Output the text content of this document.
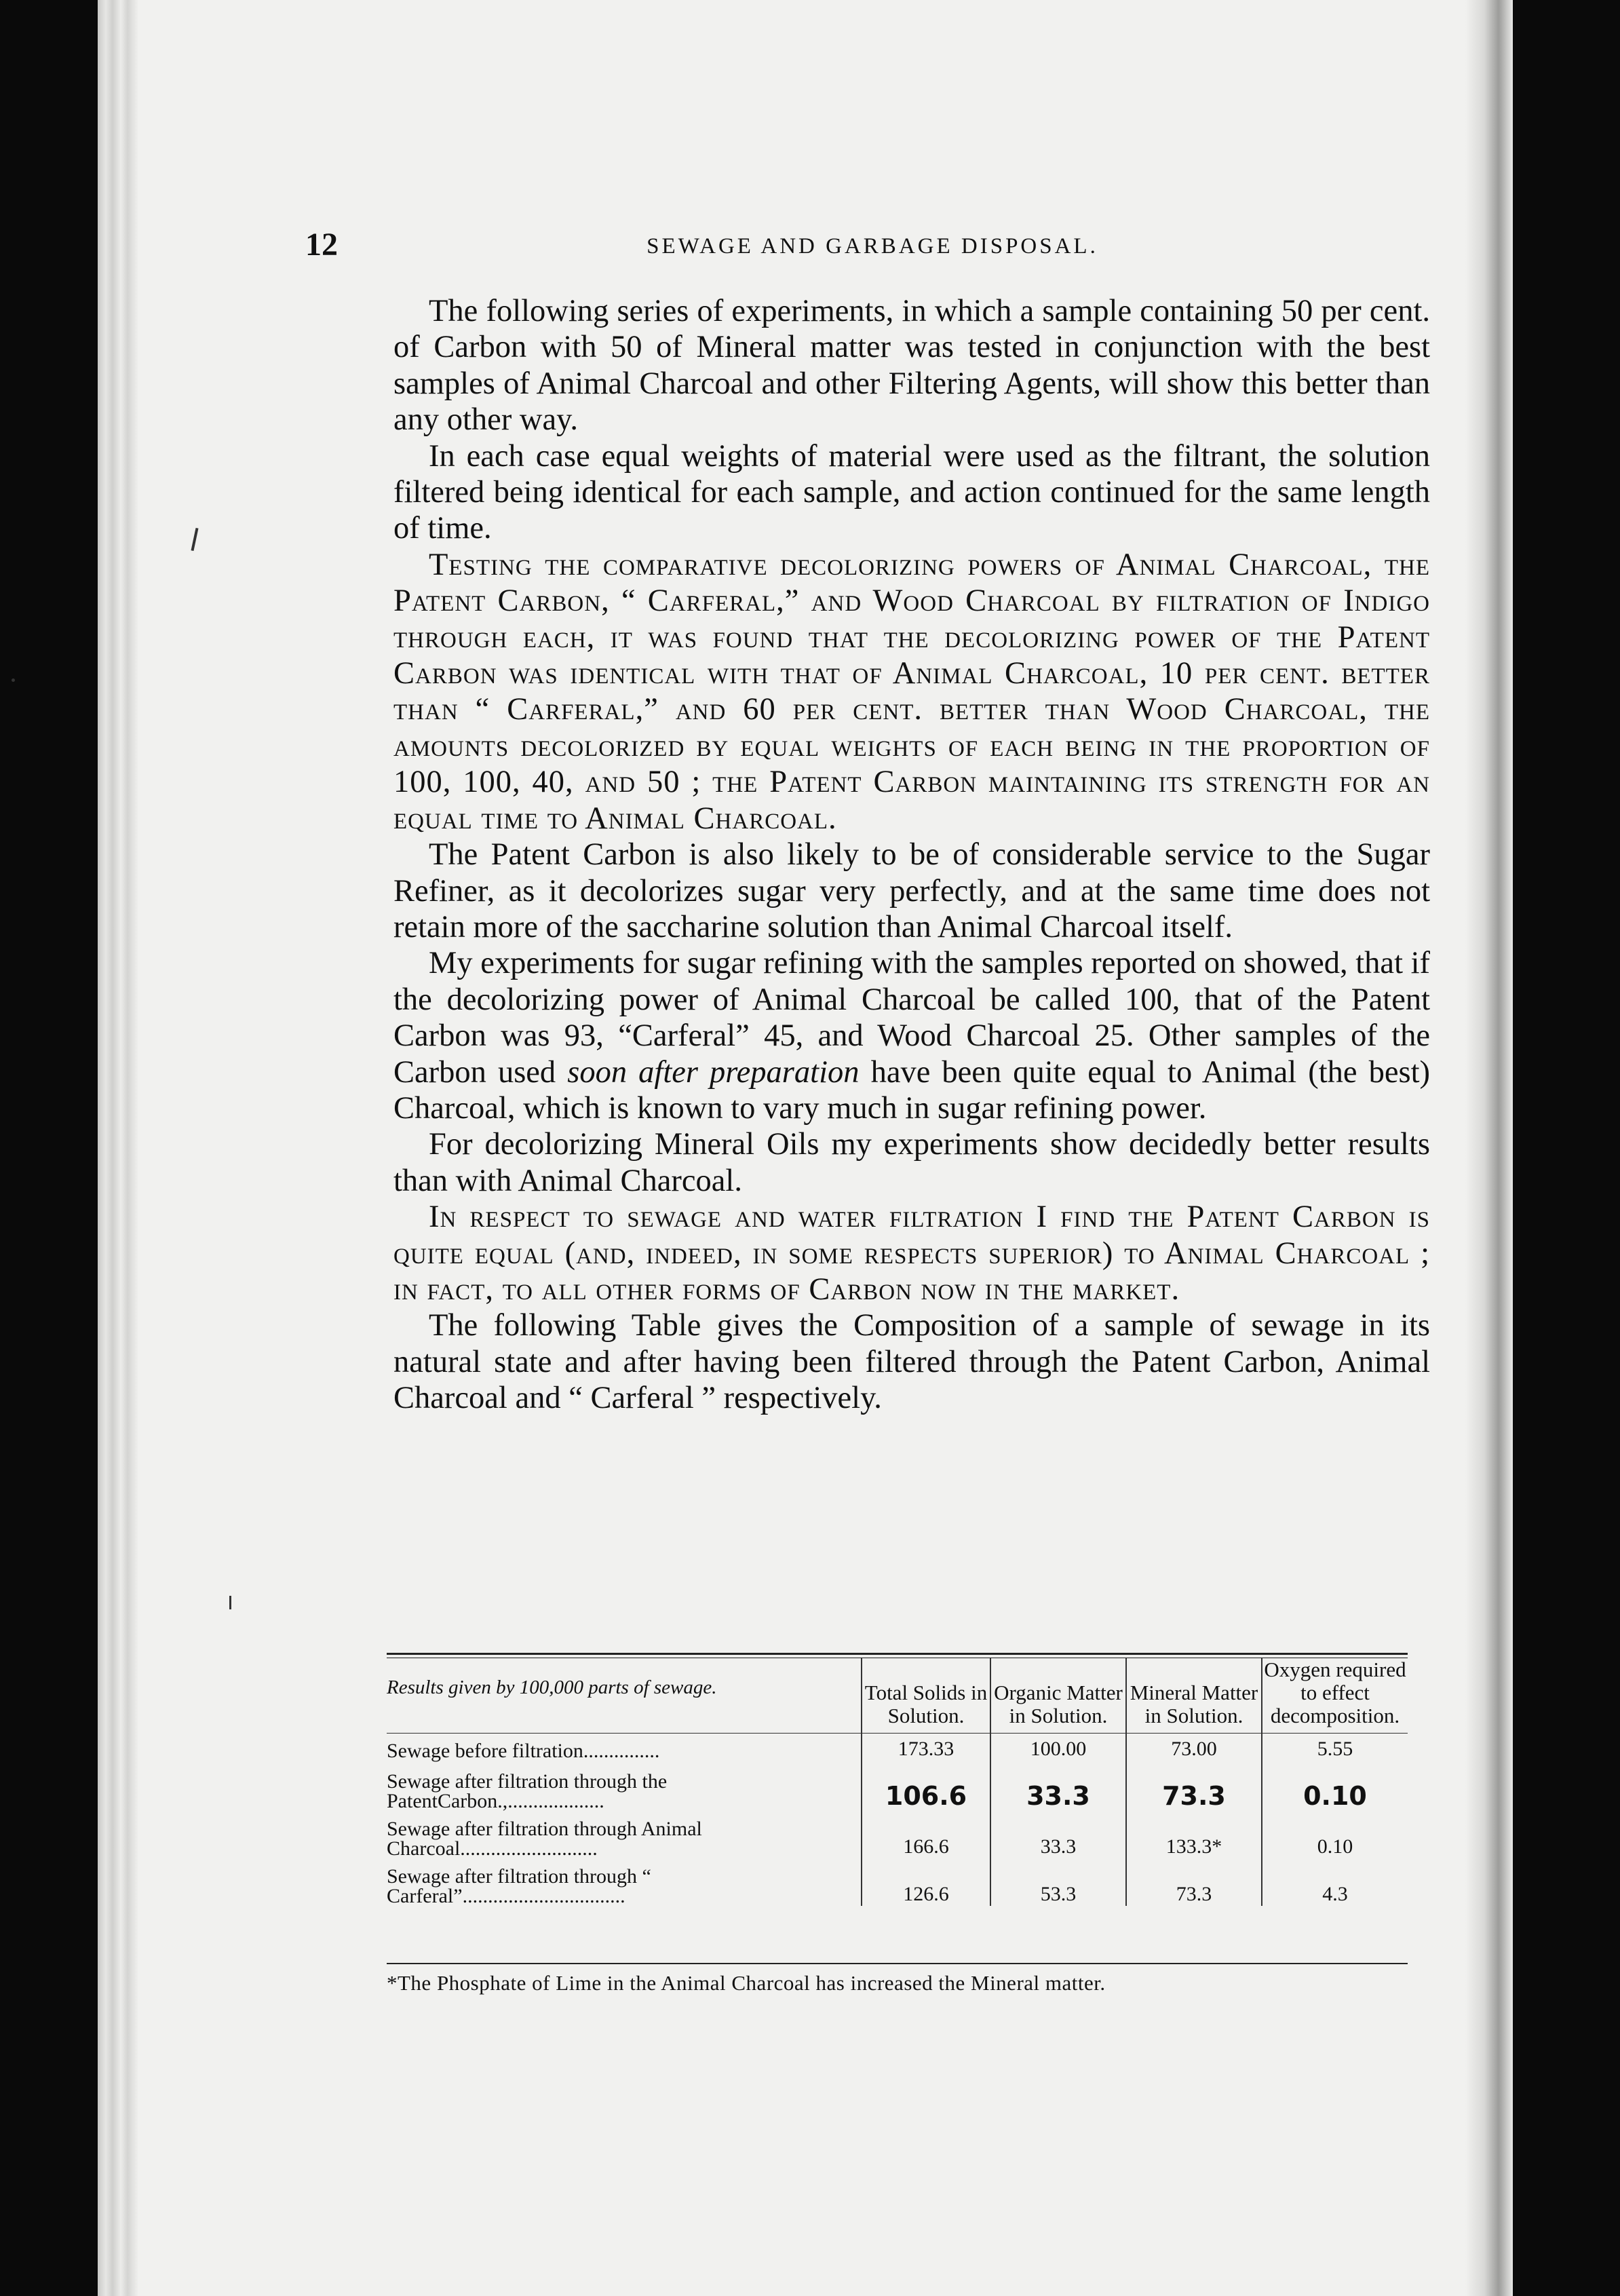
12	SEWAGE AND GARBAGE DISPOSAL.

The following series of experiments, in which a sample containing 50 per cent. of Carbon with 50 of Mineral matter was tested in conjunction with the best samples of Animal Charcoal and other Filtering Agents, will show this better than any other way.

In each case equal weights of material were used as the filtrant, the solution filtered being identical for each sample, and action continued for the same length of time.

Testing the comparative decolorizing powers of Animal Charcoal, the Patent Carbon, “ Carferal,” and Wood Charcoal by filtration of Indigo through each, it was found that the decolorizing power of the Patent Carbon was identical with that of Animal Charcoal, 10 per cent. better than “ Carferal,” and 60 per cent. better than Wood Charcoal, the amounts decolorized by equal weights of each being in the proportion of 100, 100, 40, and 50 ; the Patent Carbon maintaining its strength for an equal time to Animal Charcoal.

The Patent Carbon is also likely to be of considerable service to the Sugar Refiner, as it decolorizes sugar very perfectly, and at the same time does not retain more of the saccharine solution than Animal Charcoal itself.

My experiments for sugar refining with the samples reported on showed, that if the decolorizing power of Animal Charcoal be called 100, that of the Patent Carbon was 93, “Carferal” 45, and Wood Charcoal 25. Other samples of the Carbon used soon after preparation have been quite equal to Animal (the best) Charcoal, which is known to vary much in sugar refining power.

For decolorizing Mineral Oils my experiments show decidedly better results than with Animal Charcoal.

In respect to sewage and water filtration I find the Patent Carbon is quite equal (and, indeed, in some respects superior) to Animal Charcoal ; in fact, to all other forms of Carbon now in the market.

The following Table gives the Composition of a sample of sewage in its natural state and after having been filtered through the Patent Carbon, Animal Charcoal and “ Carferal ” respectively.

Results given by 100,000 parts of sewage.	Total Solids in Solution.	Organic Matter in Solution.	Mineral Matter in Solution.	Oxygen required to effect decomposition.
Sewage before filtration...............	173.33	100.00	73.00	5.55
Sewage after filtration through the PatentCarbon.,...................	106.6	33.3	73.3	0.10
Sewage after filtration through Animal Charcoal...........................	166.6	33.3	133.3*	0.10
Sewage after filtration through “ Carferal”................................	126.6	53.3	73.3	4.3
*The Phosphate of Lime in the Animal Charcoal has increased the Mineral matter.
